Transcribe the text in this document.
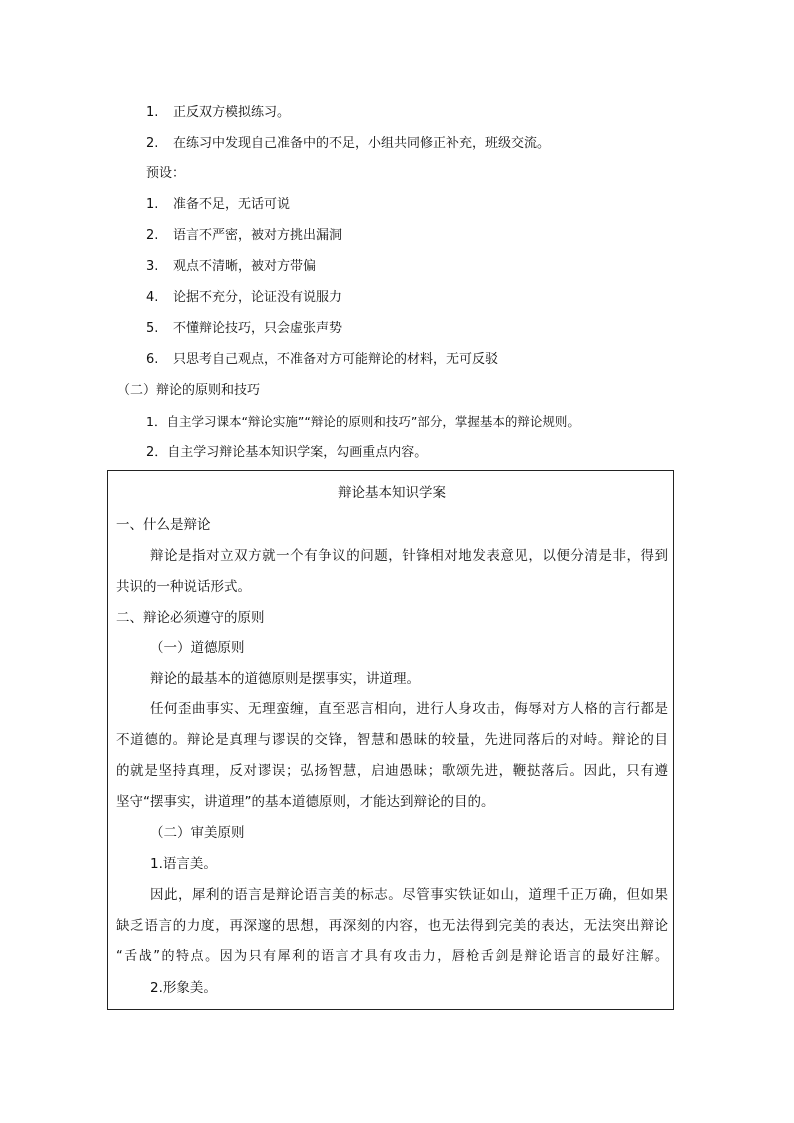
1. 正反双方模拟练习。
2. 在练习中发现自己准备中的不足，小组共同修正补充，班级交流。
预设：
1. 准备不足，无话可说
2. 语言不严密，被对方挑出漏洞
3. 观点不清晰，被对方带偏
4. 论据不充分，论证没有说服力
5. 不懂辩论技巧，只会虚张声势
6. 只思考自己观点，不准备对方可能辩论的材料，无可反驳
（二）辩论的原则和技巧
1．自主学习课本“辩论实施”“辩论的原则和技巧”部分，掌握基本的辩论规则。
2．自主学习辩论基本知识学案，勾画重点内容。
辩论基本知识学案
一、什么是辩论
辩论是指对立双方就一个有争议的问题，针锋相对地发表意见，以便分清是非，得到
共识的一种说话形式。
二、辩论必须遵守的原则
（一）道德原则
辩论的最基本的道德原则是摆事实，讲道理。
任何歪曲事实、无理蛮缠，直至恶言相向，进行人身攻击，侮辱对方人格的言行都是
不道德的。辩论是真理与谬误的交锋，智慧和愚昧的较量，先进同落后的对峙。辩论的目
的就是坚持真理，反对谬误；弘扬智慧，启迪愚昧；歌颂先进，鞭挞落后。因此，只有遵
坚守“摆事实，讲道理”的基本道德原则，才能达到辩论的目的。
（二）审美原则
1.语言美。
因此，犀利的语言是辩论语言美的标志。尽管事实铁证如山，道理千正万确，但如果
缺乏语言的力度，再深邃的思想，再深刻的内容，也无法得到完美的表达，无法突出辩论
“舌战”的特点。因为只有犀利的语言才具有攻击力，唇枪舌剑是辩论语言的最好注解。
2.形象美。
